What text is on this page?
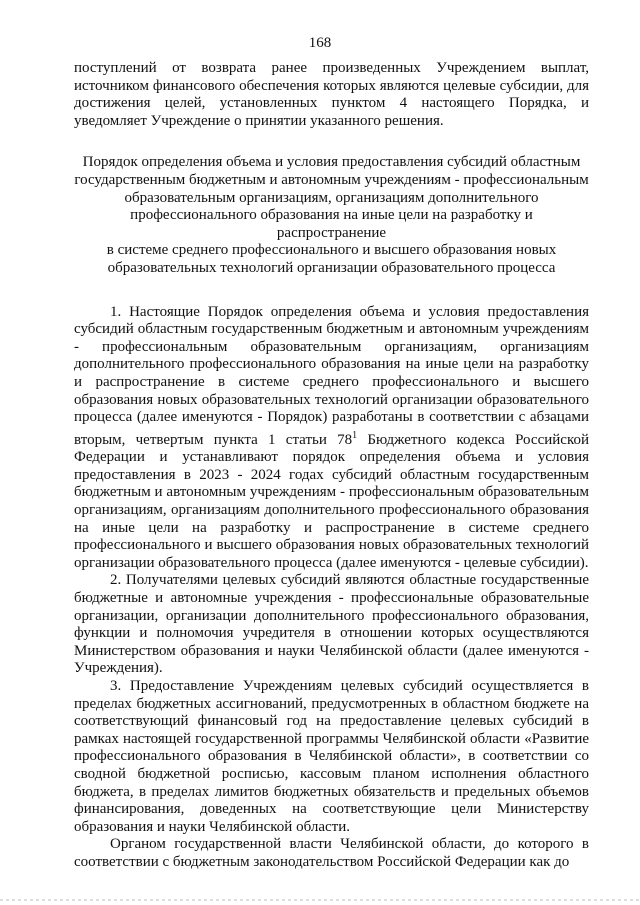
168

поступлений от возврата ранее произведенных Учреждением выплат, источником финансового обеспечения которых являются целевые субсидии, для достижения целей, установленных пунктом 4 настоящего Порядка, и уведомляет Учреждение о принятии указанного решения.

Порядок определения объема и условия предоставления субсидий областным
государственным бюджетным и автономным учреждениям - профессиональным
образовательным организациям, организациям дополнительного
профессионального образования на иные цели на разработку и распространение
в системе среднего профессионального и высшего образования новых
образовательных технологий организации образовательного процесса

1. Настоящие Порядок определения объема и условия предоставления субсидий областным государственным бюджетным и автономным учреждениям - профессиональным образовательным организациям, организациям дополнительного профессионального образования на иные цели на разработку и распространение в системе среднего профессионального и высшего образования новых образовательных технологий организации образовательного процесса (далее именуются - Порядок) разработаны в соответствии с абзацами вторым, четвертым пункта 1 статьи $78^1$ Бюджетного кодекса Российской Федерации и устанавливают порядок определения объема и условия предоставления в 2023 - 2024 годах субсидий областным государственным бюджетным и автономным учреждениям - профессиональным образовательным организациям, организациям дополнительного профессионального образования на иные цели на разработку и распространение в системе среднего профессионального и высшего образования новых образовательных технологий организации образовательного процесса (далее именуются - целевые субсидии).

2. Получателями целевых субсидий являются областные государственные бюджетные и автономные учреждения - профессиональные образовательные организации, организации дополнительного профессионального образования, функции и полномочия учредителя в отношении которых осуществляются Министерством образования и науки Челябинской области (далее именуются - Учреждения).

3. Предоставление Учреждениям целевых субсидий осуществляется в пределах бюджетных ассигнований, предусмотренных в областном бюджете на соответствующий финансовый год на предоставление целевых субсидий в рамках настоящей государственной программы Челябинской области «Развитие профессионального образования в Челябинской области», в соответствии со сводной бюджетной росписью, кассовым планом исполнения областного бюджета, в пределах лимитов бюджетных обязательств и предельных объемов финансирования, доведенных на соответствующие цели Министерству образования и науки Челябинской области.

Органом государственной власти Челябинской области, до которого в соответствии с бюджетным законодательством Российской Федерации как до
